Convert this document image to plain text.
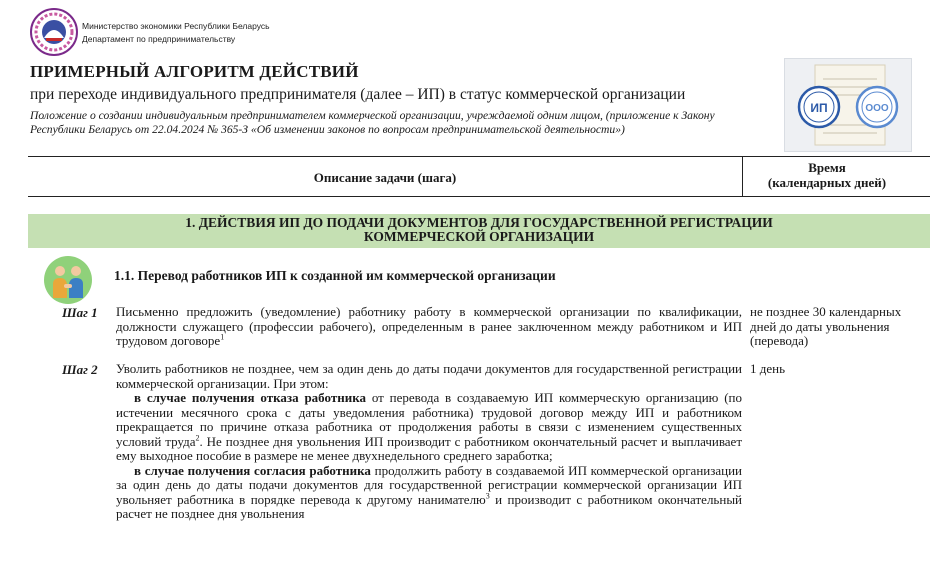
Министерство экономики Республики Беларусь
Департамент по предпринимательству
ПРИМЕРНЫЙ АЛГОРИТМ ДЕЙСТВИЙ
при переходе индивидуального предпринимателя (далее – ИП) в статус коммерческой организации
Положение о создании индивидуальным предпринимателем коммерческой организации, учреждаемой одним лицом, (приложение к Закону Республики Беларусь от 22.04.2024 № 365-З «Об изменении законов по вопросам предпринимательской деятельности»)
ИП	ООО
Описание задачи (шага)
Время
(календарных дней)
1. ДЕЙСТВИЯ ИП ДО ПОДАЧИ ДОКУМЕНТОВ ДЛЯ ГОСУДАРСТВЕННОЙ РЕГИСТРАЦИИ
КОММЕРЧЕСКОЙ ОРГАНИЗАЦИИ
1.1. Перевод работников ИП к созданной им коммерческой организации
Шаг 1 Письменно предложить (уведомление) работнику работу в коммерческой организации по квалификации, должности служащего (профессии рабочего), определенным в ранее заключенном между работником и ИП трудовом договоре$^1$
не позднее 30 календарных дней до даты увольнения (перевода)
Шаг 2 Уволить работников не позднее, чем за один день до даты подачи документов для государственной регистрации коммерческой организации. При этом:

в случае получения отказа работника от перевода в создаваемую ИП коммерческую организацию (по истечении месячного срока с даты уведомления работника) трудовой договор между ИП и работником прекращается по причине отказа работника от продолжения работы в связи с изменением существенных условий труда$^2$. Не позднее дня увольнения ИП производит с работником окончательный расчет и выплачивает ему выходное пособие в размере не менее двухнедельного среднего заработка;

в случае получения согласия работника продолжить работу в создаваемой ИП коммерческой организации за один день до даты подачи документов для государственной регистрации коммерческой организации ИП увольняет работника в порядке перевода к другому нанимателю$^3$ и производит с работником окончательный расчет не позднее дня увольнения

1 день
